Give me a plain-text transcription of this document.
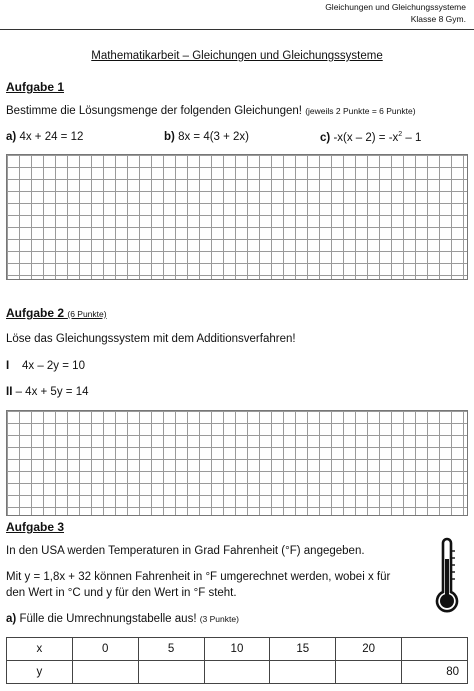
Gleichungen und Gleichungssysteme
Klasse 8 Gym.
Mathematikarbeit – Gleichungen und Gleichungssysteme
Aufgabe 1
Bestimme die Lösungsmenge der folgenden Gleichungen! (jeweils 2 Punkte = 6 Punkte)
a) 4x + 24 = 12	b) 8x = 4(3 + 2x)	c) $-x(x - 2) = -x^2 - 1$
Aufgabe 2 (6 Punkte)
Löse das Gleichungssystem mit dem Additionsverfahren!
I 4x – 2y = 10
II – 4x + 5y = 14
Aufgabe 3
In den USA werden Temperaturen in Grad Fahrenheit (°F) angegeben.
Mit y = 1,8x + 32 können Fahrenheit in °F umgerechnet werden, wobei x für
den Wert in °C und y für den Wert in °F steht.
a) Fülle die Umrechnungstabelle aus! (3 Punkte)
x	0	5	10	15	20	
y						80
